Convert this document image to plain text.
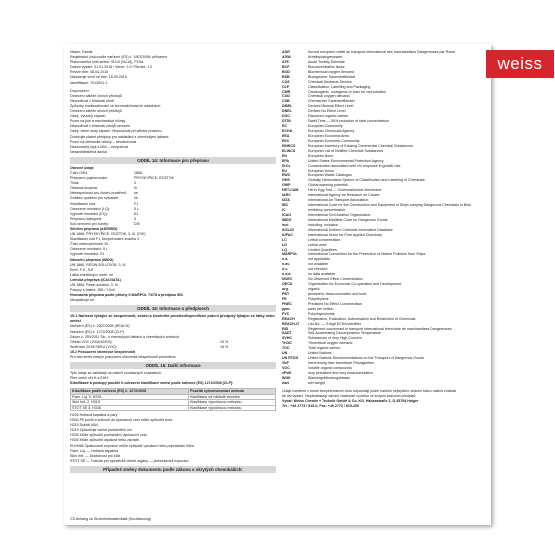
weiss
Název: Ramik
Registrační číslo podle nařízení (ES) č. 1907/2006: přiřazeno
Plánovaného užití směsi: SU10 (SU19), PC9a
Datum vydání: 01.01.2016 / Verze: 1.0 / Revize: 1.0
Revize dne: 08.04.2016
Nahrazuje verzi ze dne: 15.09.2015
Identifikace: 7013001-1
Doporučení:
Omezení zátěže očních přístrojů
Nepoužívat v blízkosti ohně
Způsoby zneškodňování ve shromažďovacích nádobách:
Omezení zátěže očních přístrojů
Ostrý, výrazný zápach
Pozor na jiné a mechanické účinky
Nepoužívat v blízkosti zdrojů vznícení
Ostrý, velmi ostrý zápach. Nepoužívat při větrání prostoru
Dodržujte platné předpisy pro nakládání s chemickými látkami
Pozor na chemické účinky – nevdechovat
Dlouhodobý styk s kůží – nevyužívat
Nezanedbatelná dávka
ODDÍL 14: Informace pro přepravu
Obecné údaje
Číslo OSN:	1866
Přepravní pojmenování:	PRYSKYŘICE, ROZTOK
Třída:	3
Obalová skupina:	III
Nebezpečnost pro životní prostředí:	ne
Zvláštní opatření pro uživatele:	ne
Klasifikační kód:	F1
Omezené množství (LQ):	5 L
Vyjmuté množství (EQ):	E1
Přepravní kategorie:	3
Kód omezení pro tunely:	D/E
Silniční přeprava (ADR/RID)
UN 1866, PRYSKYŘICE, ROZTOK, 3, III, (D/E)
Klasifikační kód F1, bezpečnostní značka 3
Číslo nebezpečnosti: 30
Omezené množství: 5 L
Vyjmuté množství: E1
Námořní přeprava (IMDG)
UN 1866, RESIN SOLUTION, 3, III
EmS: F-E, S-E
Látka znečišťující moře: ne
Letecká přeprava (ICAO/IATA)
UN 1866, Resin solution, 3, III
Pokyny k balení: 355 / Y344
Hromadná přeprava podle přílohy II MARPOL 73/78 a předpisu IBC
Neuplatňuje se.
ODDÍL 15: Informace o předpisech
15.1 Nařízení týkající se bezpečnosti, zdraví a životního prostředí/specifické právní předpisy týkající se látky nebo směsi
Nařízení (ES) č. 1907/2006 (REACH)
Nařízení (ES) č. 1272/2008 (CLP)
Zákon č. 350/2011 Sb., o chemických látkách a chemických směsích
Obsah VOC (2004/42/ES):	25 %
Směrnice 2010/75/EU (VOC):	16 %
15.2 Posouzení chemické bezpečnosti
Pro tuto směs nebylo posouzení chemické bezpečnosti provedeno.
ODDÍL 16: Další informace
Tyto údaje se zakládají na našich současných znalostech.
Plné znění vět H a EUH:
Klasifikace a postupy použité k odvození klasifikace směsi podle nařízení (ES) 1272/2008 [CLP]:
Klasifikace podle nařízení (ES) č. 1272/2008	Použitá vyhodnocovací metoda
Flam. Liq. 3, H226	Klasifikace na základě zkoušek
Skin Irrit. 2, H315	Klasifikace výpočtovou metodou
STOT SE 3, H336	Klasifikace výpočtovou metodou
H226 Hořlavá kapalina a páry.
H304 Při požití a vniknutí do dýchacích cest může způsobit smrt.
H315 Dráždí kůži.
H319 Způsobuje vážné podráždění očí.
H335 Může způsobit podráždění dýchacích cest.
H336 Může způsobit ospalost nebo závratě.
EUH066 Opakovaná expozice může způsobit vysušení nebo popraskání kůže.
Flam. Liq. — Hořlavá kapalina
Skin Irrit. — Dráždivost pro kůži
STOT SE — Toxicita pro specifické cílové orgány — jednorázová expozice
Případné změny dokumentu podle zákona o skrytých chemikáliích:
ADR	Accord européen relatif au transport international des marchandises Dangereuses par Route
AGW	Arbeitsplatzgrenzwert
ATE	Acute Toxicity Estimate
BCF	Bioconcentration factor
BOD	Biochemical oxygen demand
BSB	Biologischer Sauerstoffbedarf
CAS	Chemical Abstracts Service
CLP	Classification, Labelling and Packaging
CMR	Carcinogenic, mutagenic or toxic for reproduction
COD	Chemical oxygen demand
CSB	Chemischer Sauerstoffbedarf
DMEL	Derived Minimal Effect Level
DNEL	Derived No Effect Level
DOC	Dissolved organic carbon
DT50	Dwell Time — 50% reduction of start concentration
EC	European Community
ECHA	European Chemicals Agency
EEA	European Economic Area
EEC	European Economic Community
EINECS	European Inventory of Existing Commercial Chemical Substances
ELINCS	European List of Notified Chemical Substances
EN	European Norm
EPA	United States Environmental Protection Agency
ErCx	Concentration associated with x% response in growth rate
EU	European Union
EWC	European Waste Catalogue
GHS	Globally Harmonized System of Classification and Labelling of Chemicals
GWP	Global warming potential
HET-CAM	Hen's Egg Test — Chorionallantoic Membrane
IARC	International Agency for Research on Cancer
IATA	International Air Transport Association
IBC	International Code for the Construction and Equipment of Ships carrying Dangerous Chemicals in Bulk
IC	Inhibitory concentration
ICAO	International Civil Aviation Organization
IMDG	International Maritime Code for Dangerous Goods
incl.	including, inclusive
IUCLID	International Uniform Chemical Information Database
IUPAC	International Union for Pure Applied Chemistry
LC	Lethal concentration
LD	Lethal dose
LQ	Limited Quantities
MARPOL	International Convention for the Prevention of Marine Pollution from Ships
n.a.	not applicable
n.av.	not available
n.c.	not checked
n.d.a.	no data available
NOEC	No Observed Effect Concentration
OECD	Organisation for Economic Co-operation and Development
org.	organic
PBT	persistent, bioaccumulative and toxic
PE	Polyethylene
PNEC	Predicted No Effect Concentration
ppm	parts per million
PVC	Polyvinylchloride
REACH	Registration, Evaluation, Authorisation and Restriction of Chemicals
REACH-IT	List-No. — 9-digit ECHA identifier
RID	Règlement concernant le transport International ferroviaire de marchandises Dangereuses
SADT	Self-Accelerating Decomposition Temperature
SVHC	Substances of Very High Concern
ThOD	Theoretical oxygen demand
TOC	Total organic carbon
UN	United Nations
UN RTDG	United Nations Recommendations on the Transport of Dangerous Goods
VbF	Verordnung über brennbare Flüssigkeiten
VOC	Volatile organic compounds
vPvB	very persistent and very bioaccumulative
WGK	Wassergefährdungsklasse
wwt	wet weight
Údaje uvedené v tomto bezpečnostním listu odpovídají podle našeho nejlepšího vědomí stavu našich znalostí
ke dni vydání. Nepředstavují záruku vlastností výrobku ve smyslu právních předpisů.
Vydal: Weiss Chemie + Technik GmbH & Co. KG, Hansastraße 2, D-35708 Haiger
Tel.: +49 2773 / 815-0, Fax: +49 2773 / 815-200
CS Anhang zu Sicherheitsdatenblatt (Kurzfassung)
